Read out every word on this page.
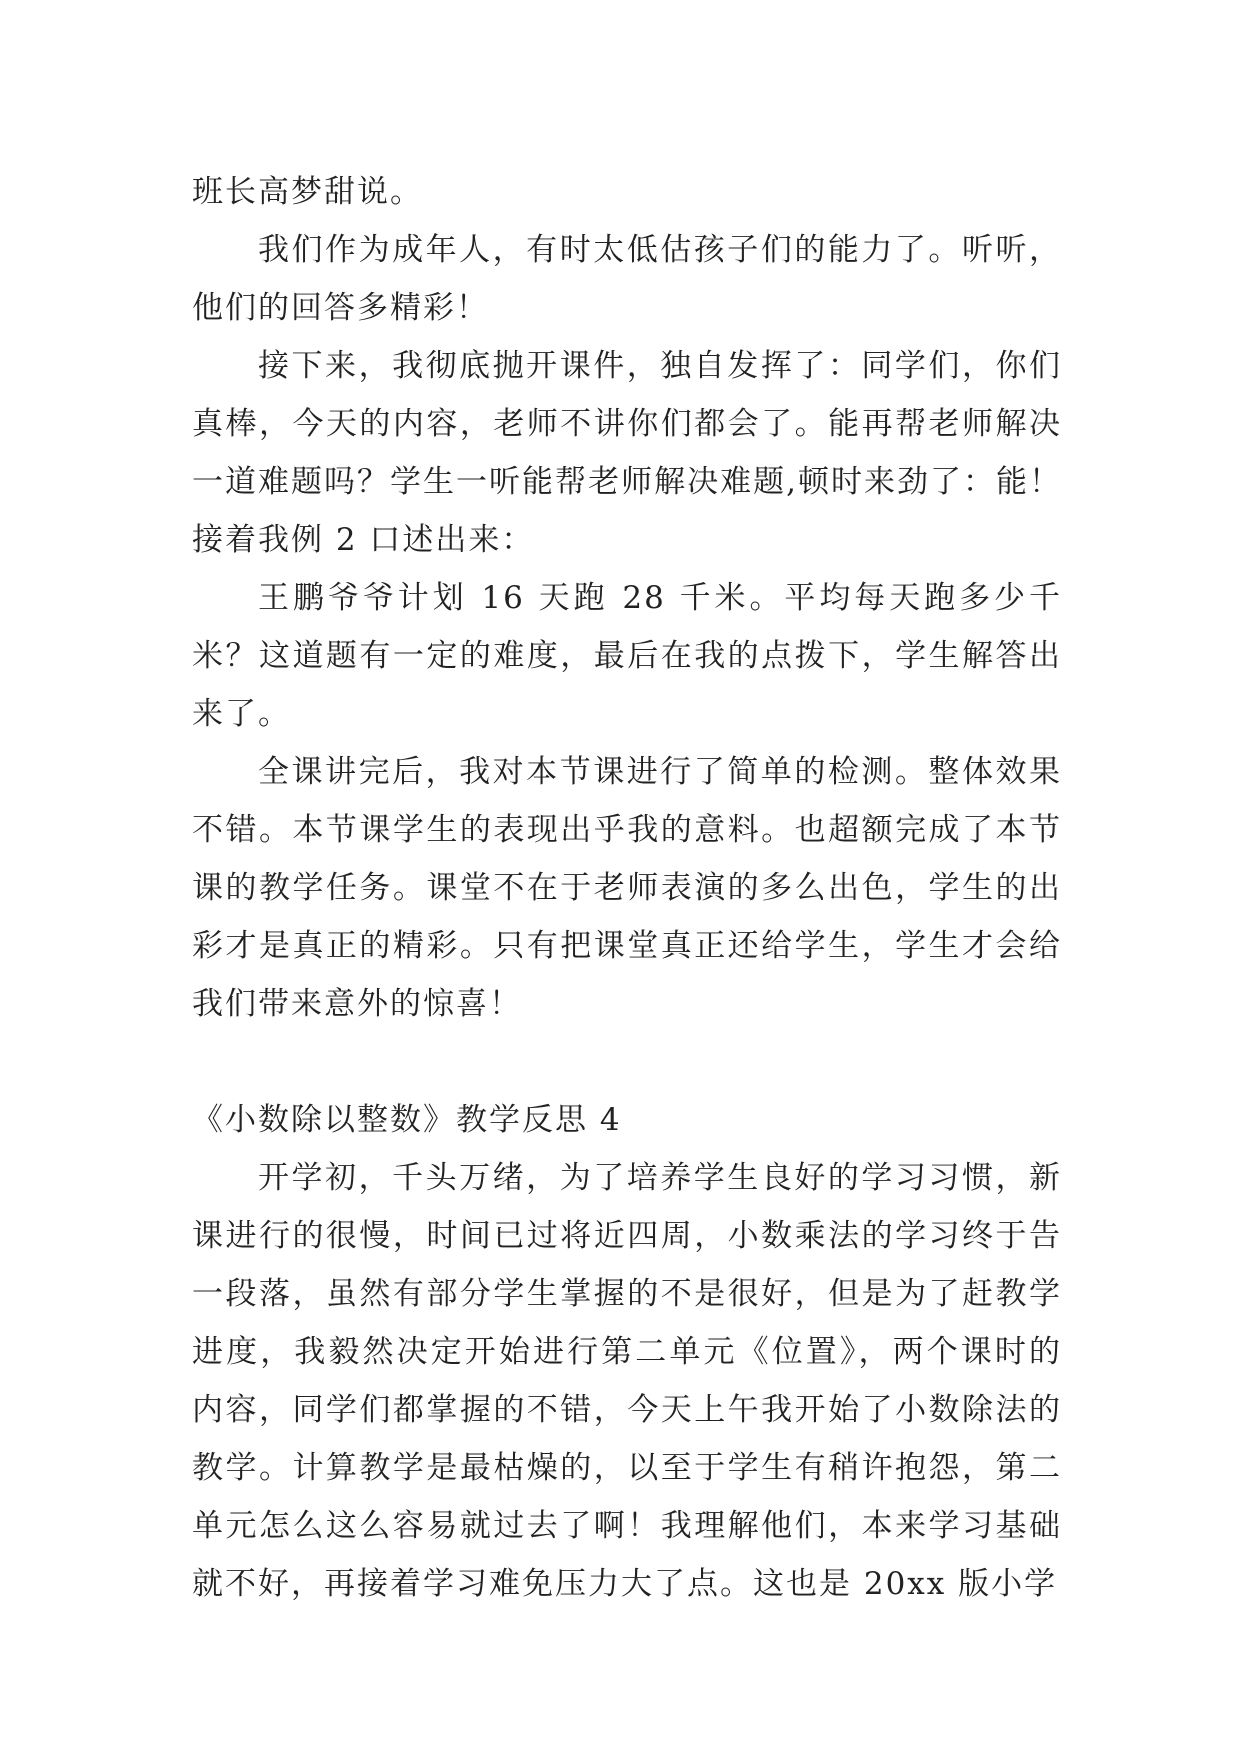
班长高梦甜说。

我们作为成年人，有时太低估孩子们的能力了。听听，他们的回答多精彩！

接下来，我彻底抛开课件，独自发挥了：同学们，你们真棒，今天的内容，老师不讲你们都会了。能再帮老师解决一道难题吗？学生一听能帮老师解决难题,顿时来劲了：能！接着我例 2 口述出来：

王鹏爷爷计划 16 天跑 28 千米。平均每天跑多少千米？这道题有一定的难度，最后在我的点拨下，学生解答出来了。

全课讲完后，我对本节课进行了简单的检测。整体效果不错。本节课学生的表现出乎我的意料。也超额完成了本节课的教学任务。课堂不在于老师表演的多么出色，学生的出彩才是真正的精彩。只有把课堂真正还给学生，学生才会给我们带来意外的惊喜！

《小数除以整数》教学反思 4

开学初，千头万绪，为了培养学生良好的学习习惯，新课进行的很慢，时间已过将近四周，小数乘法的学习终于告一段落，虽然有部分学生掌握的不是很好，但是为了赶教学进度，我毅然决定开始进行第二单元《位置》，两个课时的内容，同学们都掌握的不错，今天上午我开始了小数除法的教学。计算教学是最枯燥的，以至于学生有稍许抱怨，第二单元怎么这么容易就过去了啊！我理解他们，本来学习基础就不好，再接着学习难免压力大了点。这也是 20xx 版小学
